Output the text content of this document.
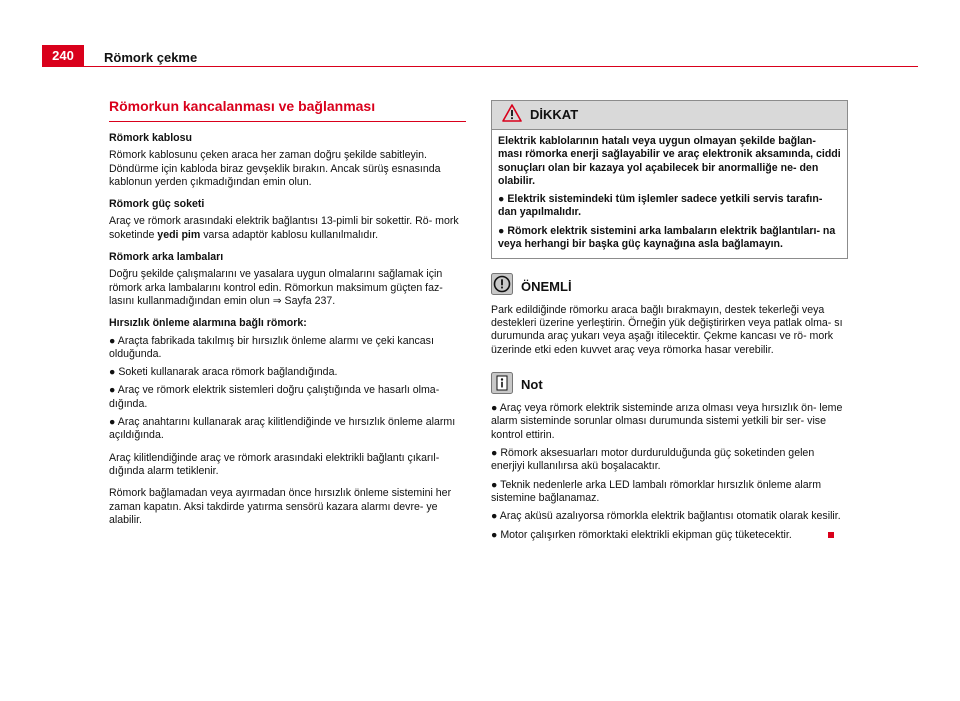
240	Römork çekme
Römorkun kancalanması ve bağlanması
Römork kablosu
Römork kablosunu çeken araca her zaman doğru şekilde sabitleyin. Döndürme için kabloda biraz gevşeklik bırakın. Ancak sürüş esnasında kablonun yerden çıkmadığından emin olun.
Römork güç soketi
Araç ve römork arasındaki elektrik bağlantısı 13-pimli bir sokettir. Rö- mork soketinde yedi pim varsa adaptör kablosu kullanılmalıdır.
Römork arka lambaları
Doğru şekilde çalışmalarını ve yasalara uygun olmalarını sağlamak için römork arka lambalarını kontrol edin. Römorkun maksimum güçten faz- lasını kullanmadığından emin olun ⇒ Sayfa 237.
Hırsızlık önleme alarmına bağlı römork:
● Araçta fabrikada takılmış bir hırsızlık önleme alarmı ve çeki kancası olduğunda.
● Soketi kullanarak araca römork bağlandığında.
● Araç ve römork elektrik sistemleri doğru çalıştığında ve hasarlı olma- dığında.
● Araç anahtarını kullanarak araç kilitlendiğinde ve hırsızlık önleme alarmı açıldığında.
Araç kilitlendiğinde araç ve römork arasındaki elektrikli bağlantı çıkarıl- dığında alarm tetiklenir.
Römork bağlamadan veya ayırmadan önce hırsızlık önleme sistemini her zaman kapatın. Aksi takdirde yatırma sensörü kazara alarmı devre- ye alabilir.
DİKKAT
Elektrik kablolarının hatalı veya uygun olmayan şekilde bağlan- ması römorka enerji sağlayabilir ve araç elektronik aksamında, ciddi sonuçları olan bir kazaya yol açabilecek bir anormalliğe ne- den olabilir.
● Elektrik sistemindeki tüm işlemler sadece yetkili servis tarafın- dan yapılmalıdır.
● Römork elektrik sistemini arka lambaların elektrik bağlantıları- na veya herhangi bir başka güç kaynağına asla bağlamayın.
ÖNEMLİ
Park edildiğinde römorku araca bağlı bırakmayın, destek tekerleği veya destekleri üzerine yerleştirin. Örneğin yük değiştirirken veya patlak olma- sı durumunda araç yukarı veya aşağı itilecektir. Çekme kancası ve rö- mork üzerinde etki eden kuvvet araç veya römorka hasar verebilir.
Not
● Araç veya römork elektrik sisteminde arıza olması veya hırsızlık ön- leme alarm sisteminde sorunlar olması durumunda sistemi yetkili bir ser- vise kontrol ettirin.
● Römork aksesuarları motor durdurulduğunda güç soketinden gelen enerjiyi kullanılırsa akü boşalacaktır.
● Teknik nedenlerle arka LED lambalı römorklar hırsızlık önleme alarm sistemine bağlanamaz.
● Araç aküsü azalıyorsa römorkla elektrik bağlantısı otomatik olarak kesilir.
● Motor çalışırken römorktaki elektrikli ekipman güç tüketecektir.
